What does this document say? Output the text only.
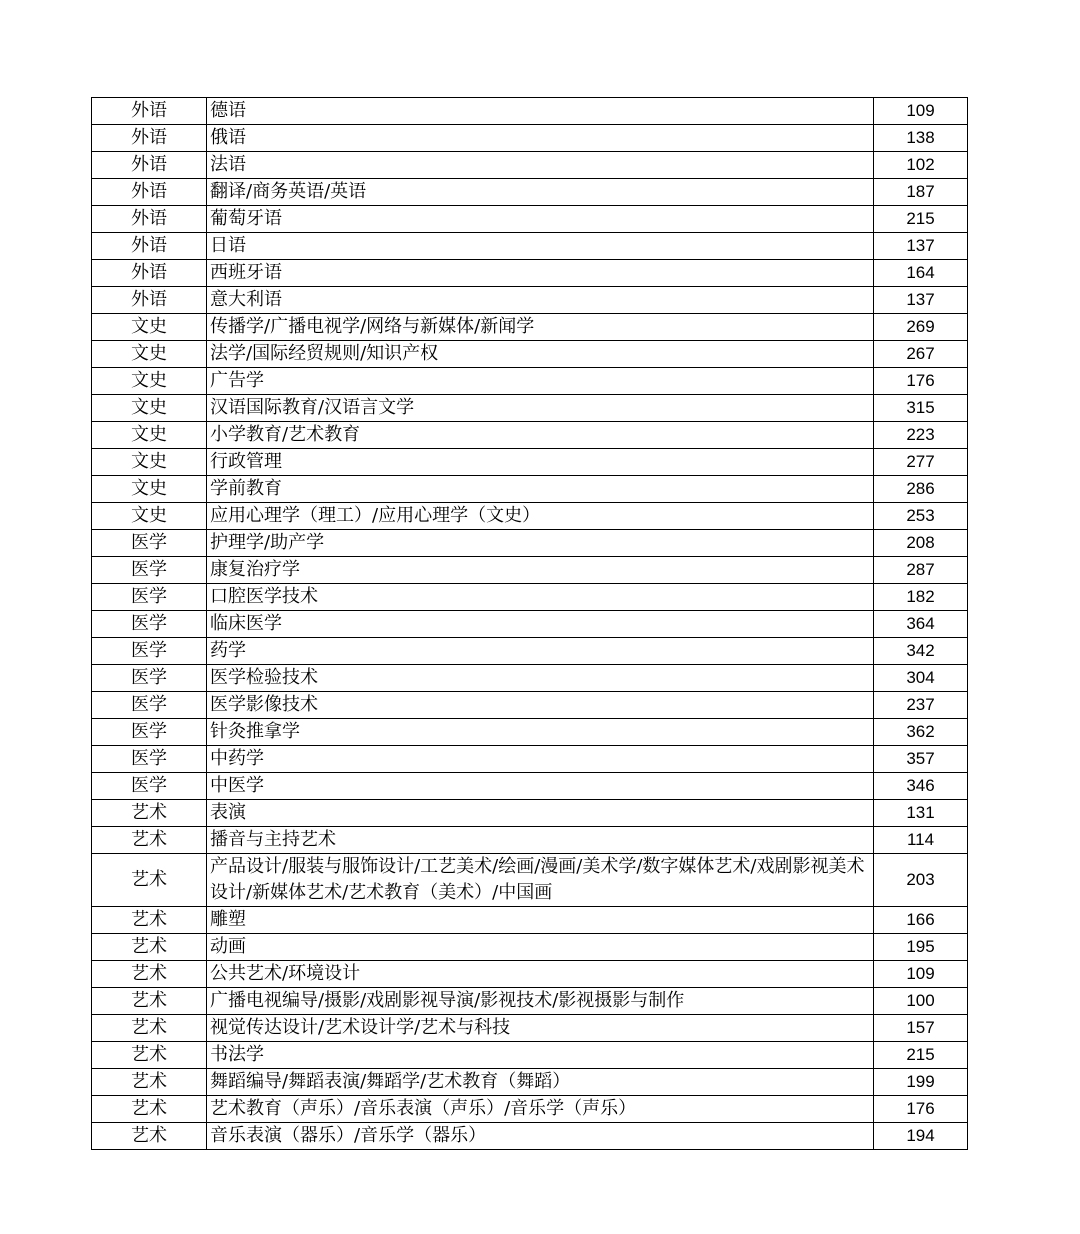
外语	德语	109
外语	俄语	138
外语	法语	102
外语	翻译/商务英语/英语	187
外语	葡萄牙语	215
外语	日语	137
外语	西班牙语	164
外语	意大利语	137
文史	传播学/广播电视学/网络与新媒体/新闻学	269
文史	法学/国际经贸规则/知识产权	267
文史	广告学	176
文史	汉语国际教育/汉语言文学	315
文史	小学教育/艺术教育	223
文史	行政管理	277
文史	学前教育	286
文史	应用心理学（理工）/应用心理学（文史）	253
医学	护理学/助产学	208
医学	康复治疗学	287
医学	口腔医学技术	182
医学	临床医学	364
医学	药学	342
医学	医学检验技术	304
医学	医学影像技术	237
医学	针灸推拿学	362
医学	中药学	357
医学	中医学	346
艺术	表演	131
艺术	播音与主持艺术	114
艺术	产品设计/服装与服饰设计/工艺美术/绘画/漫画/美术学/数字媒体艺术/戏剧影视美术设计/新媒体艺术/艺术教育（美术）/中国画	203
艺术	雕塑	166
艺术	动画	195
艺术	公共艺术/环境设计	109
艺术	广播电视编导/摄影/戏剧影视导演/影视技术/影视摄影与制作	100
艺术	视觉传达设计/艺术设计学/艺术与科技	157
艺术	书法学	215
艺术	舞蹈编导/舞蹈表演/舞蹈学/艺术教育（舞蹈）	199
艺术	艺术教育（声乐）/音乐表演（声乐）/音乐学（声乐）	176
艺术	音乐表演（器乐）/音乐学（器乐）	194
